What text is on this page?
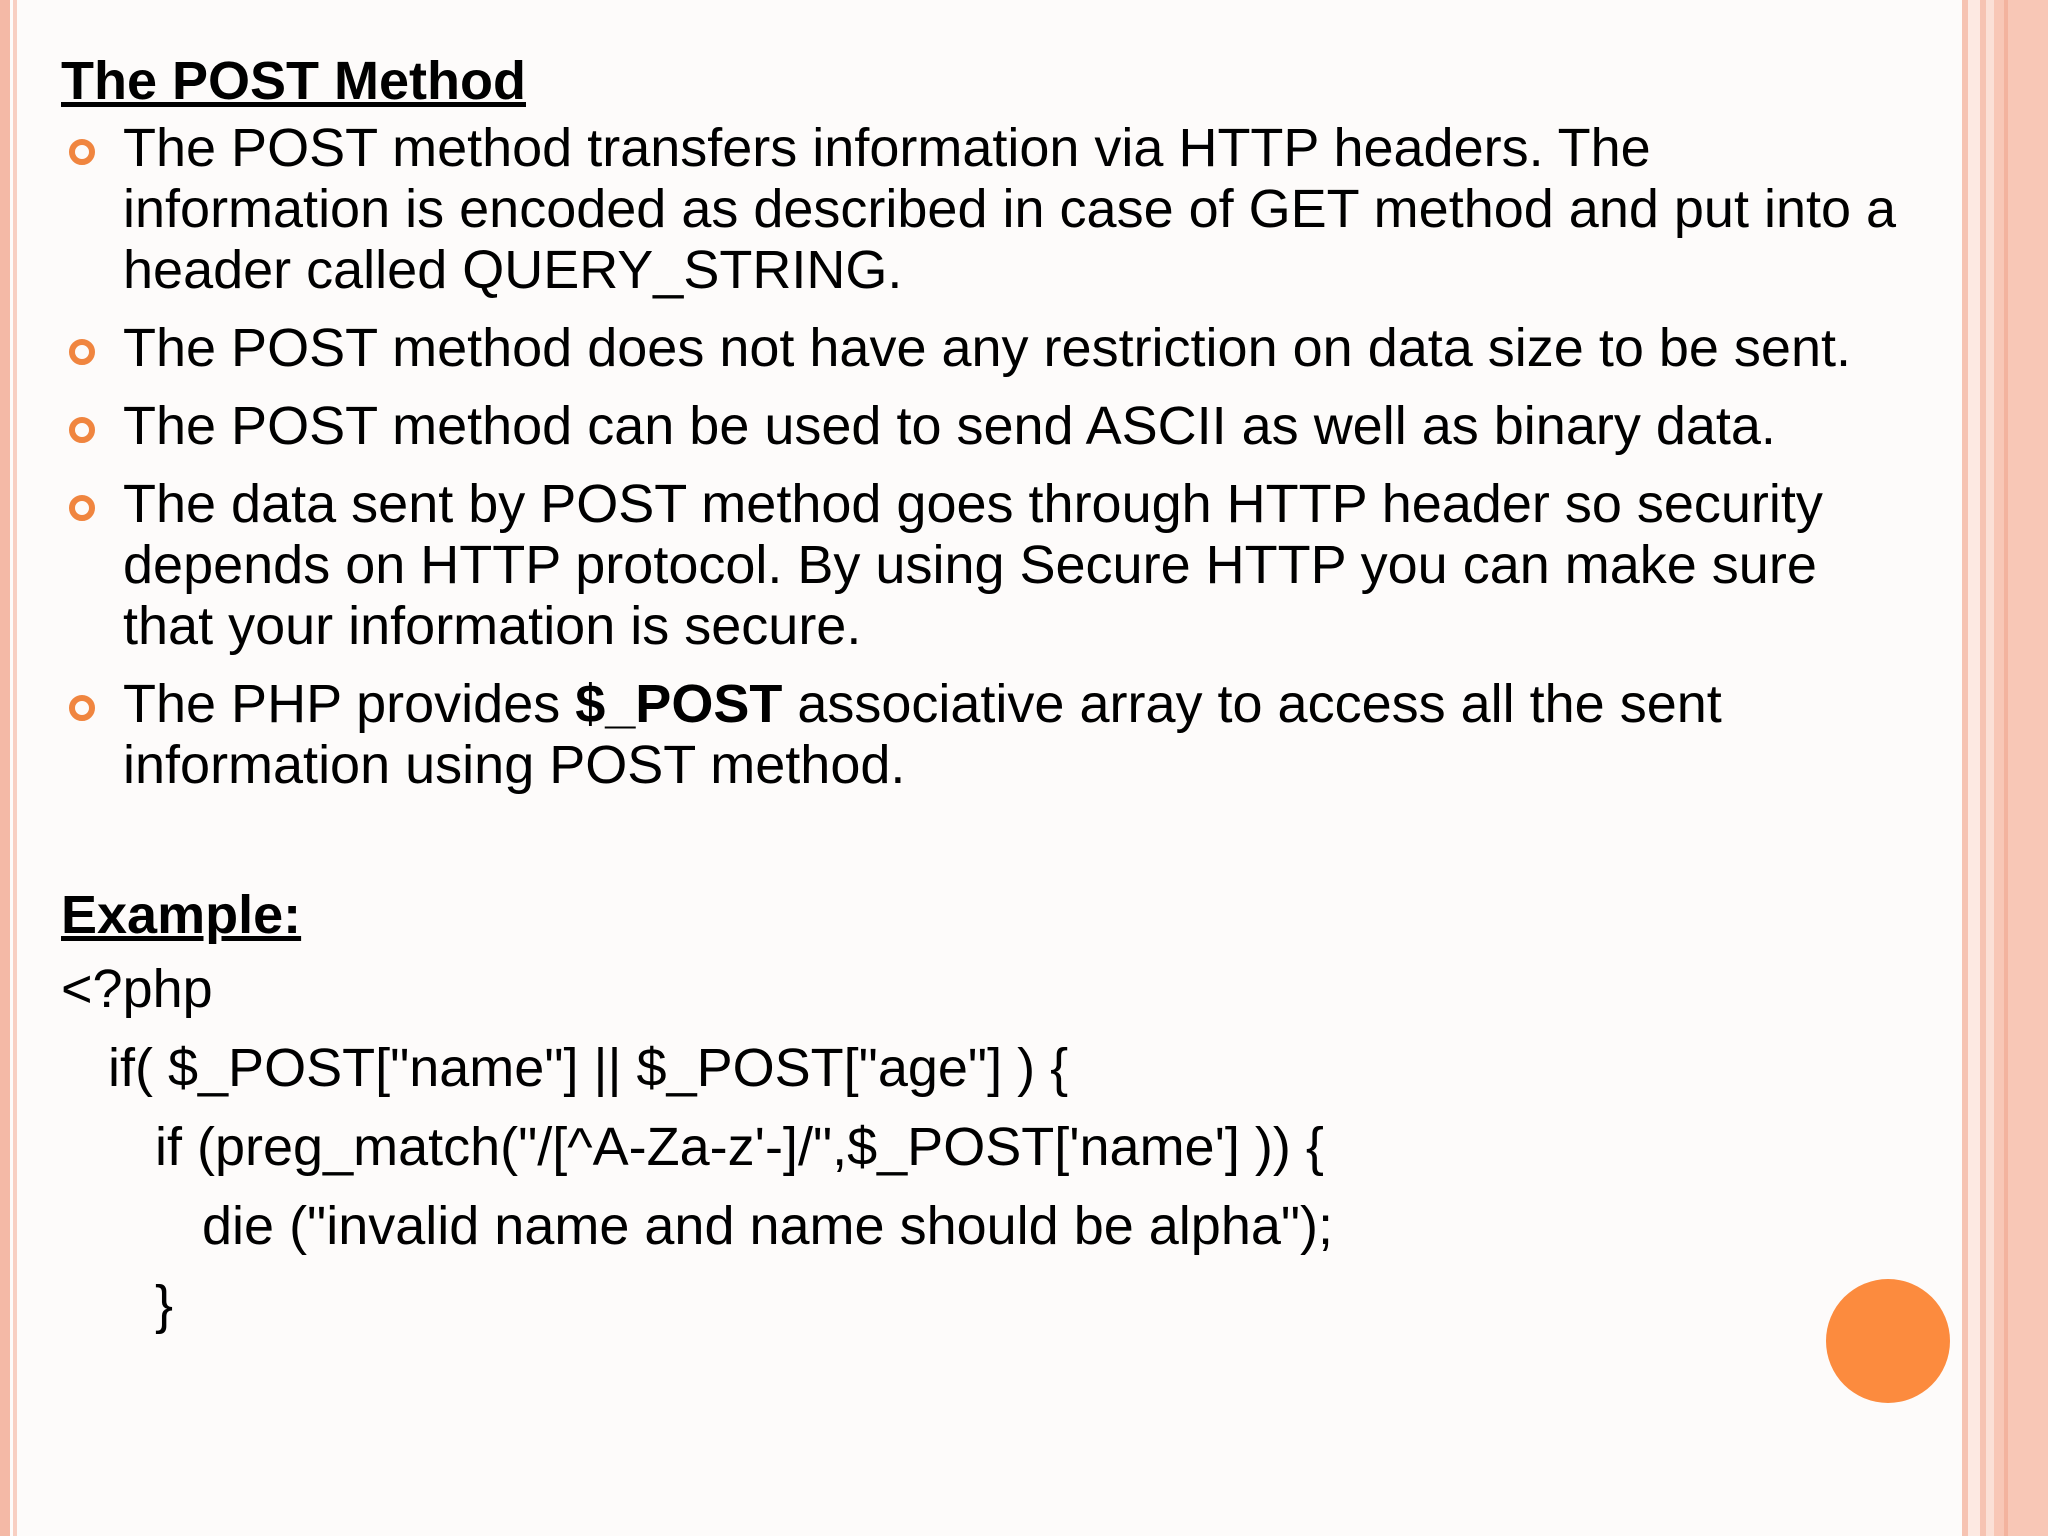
The POST Method
The POST method transfers information via HTTP headers. The
information is encoded as described in case of GET method and put into a
header called QUERY_STRING.
The POST method does not have any restriction on data size to be sent.
The POST method can be used to send ASCII as well as binary data.
The data sent by POST method goes through HTTP header so security
depends on HTTP protocol. By using Secure HTTP you can make sure
that your information is secure.
The PHP provides $_POST associative array to access all the sent
information using POST method.
Example:
<?php
if( $_POST["name"] || $_POST["age"] ) {
if (preg_match("/[^A-Za-z'-]/",$_POST['name'] )) {
die ("invalid name and name should be alpha");
}
